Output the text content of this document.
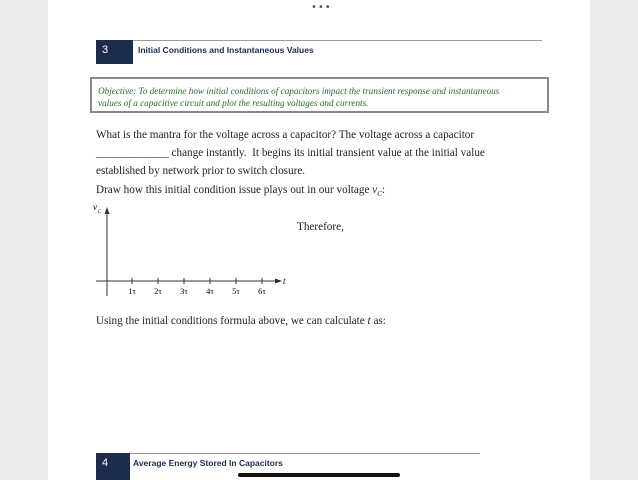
•••
3	Initial Conditions and Instantaneous Values
Objective: To determine how initial conditions of capacitors impact the transient response and instantaneous
values of a capacitive circuit and plot the resulting voltages and currents.
What is the mantra for the voltage across a capacitor? The voltage across a capacitor
_____________ change instantly.  It begins its initial transient value at the initial value
established by network prior to switch closure.
Draw how this initial condition issue plays out in our voltage $v_C$:
v
C
t
1τ 2τ 3τ 4τ 5τ 6τ
Therefore,
Using the initial conditions formula above, we can calculate t as:
4	Average Energy Stored In Capacitors
